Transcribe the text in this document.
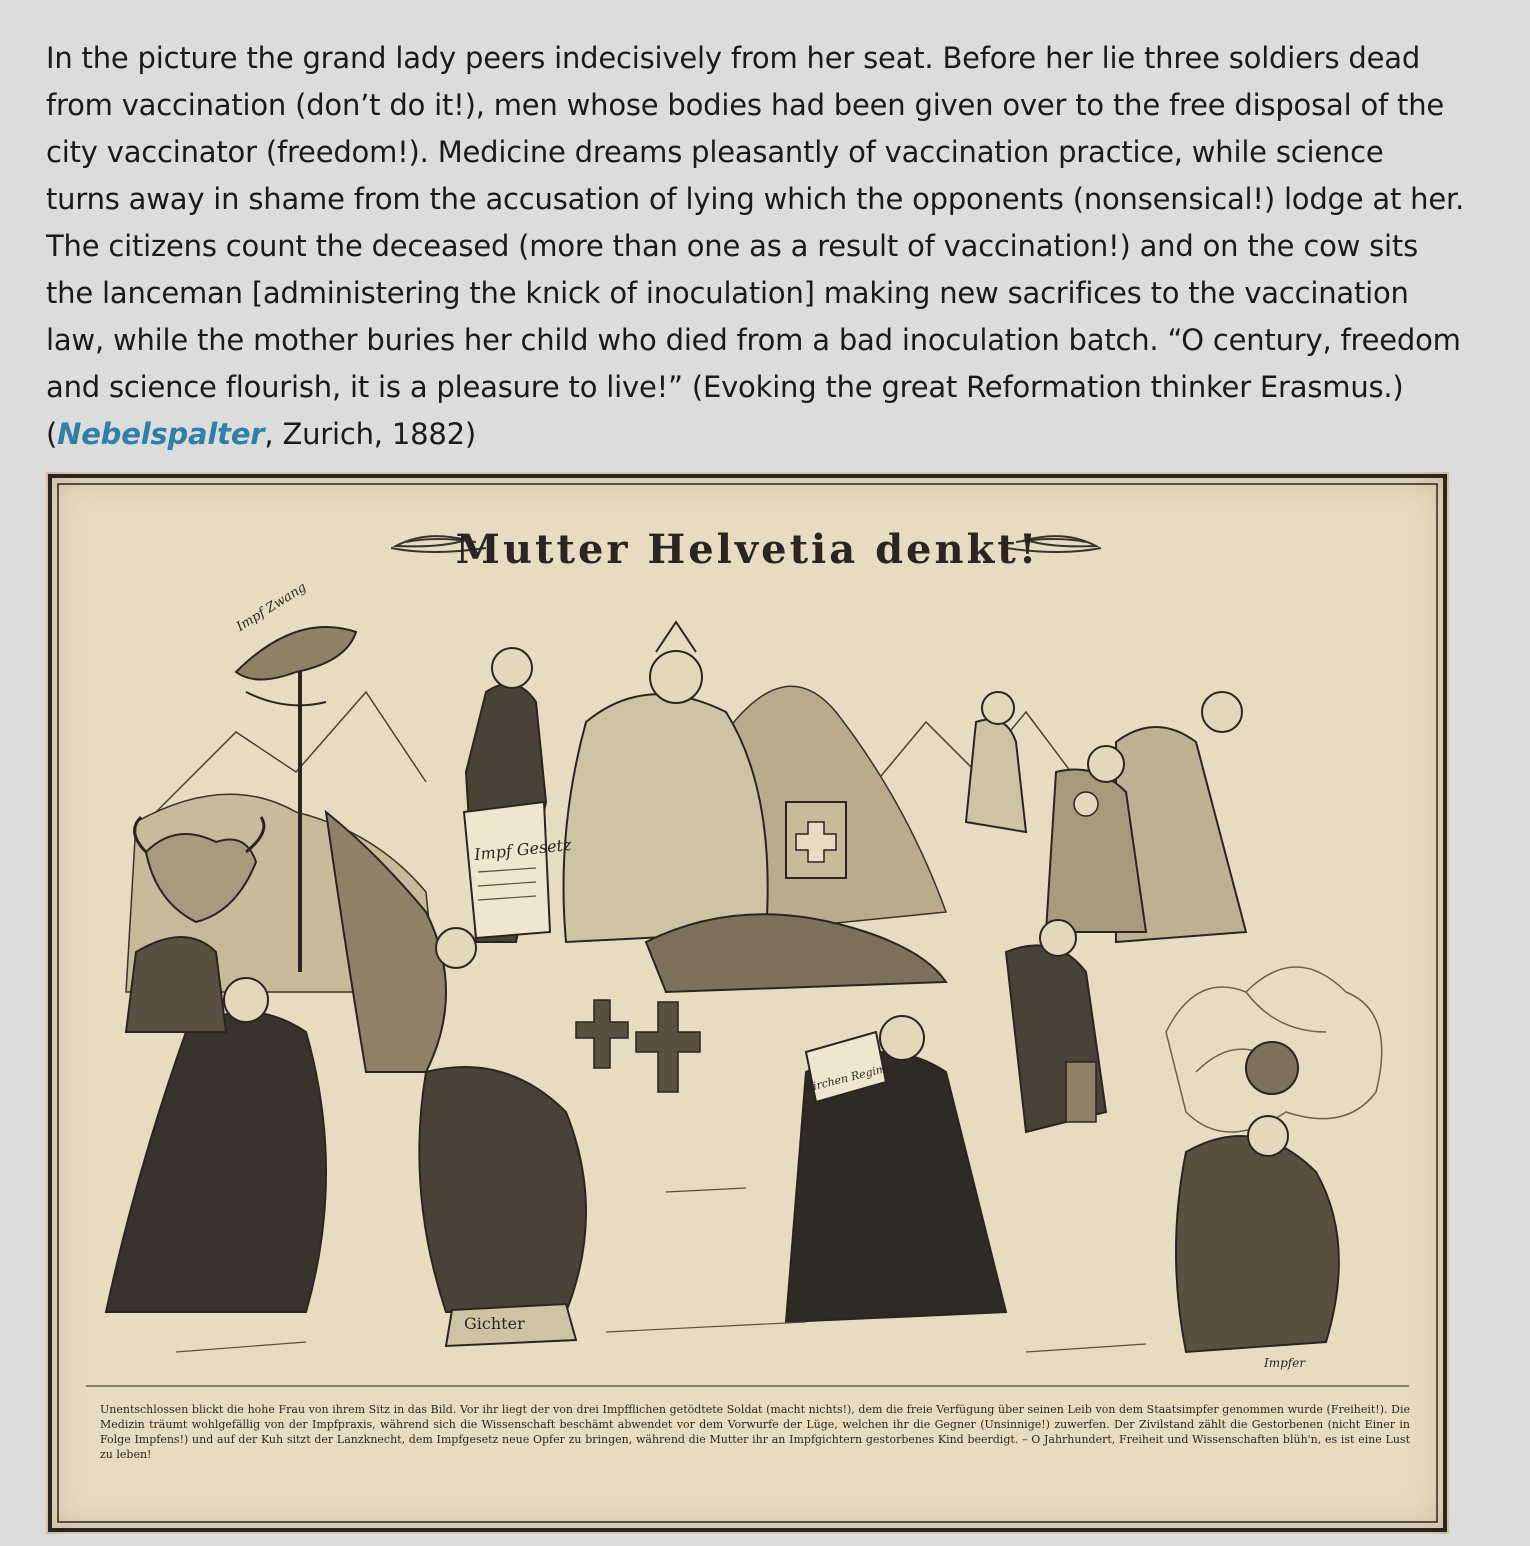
In the picture the grand lady peers indecisively from her seat. Before her lie three soldiers dead from vaccination (don’t do it!), men whose bodies had been given over to the free disposal of the city vaccinator (freedom!). Medicine dreams pleasantly of vaccination practice, while science turns away in shame from the accusation of lying which the opponents (nonsensical!) lodge at her. The citizens count the deceased (more than one as a result of vaccination!) and on the cow sits the lanceman [administering the knick of inoculation] making new sacrifices to the vaccination law, while the mother buries her child who died from a bad inoculation batch. “O century, freedom and science flourish, it is a pleasure to live!” (Evoking the great Reformation thinker Erasmus.)
(Nebelspalter, Zurich, 1882)

Mutter Helvetia denkt!
Impf Zwang
Impf Gesetz
Kirchen Regim
Gichter
Impfer
Unentschlossen blickt die hohe Frau von ihrem Sitz in das Bild. Vor ihr liegt der von drei Impfflichen getödtete Soldat (macht nichts!), dem die freie Verfügung über seinen Leib von dem Staatsimpfer genommen wurde (Freiheit!). Die Medizin träumt wohlgefällig von der Impfpraxis, während sich die Wissenschaft beschämt abwendet vor dem Vorwurfe der Lüge, welchen ihr die Gegner (Unsinnige!) zuwerfen. Der Zivilstand zählt die Gestorbenen (nicht Einer in Folge Impfens!) und auf der Kuh sitzt der Lanzknecht, dem Impfgesetz neue Opfer zu bringen, während die Mutter ihr an Impfgichtern gestorbenes Kind beerdigt. – O Jahrhundert, Freiheit und Wissenschaften blüh'n, es ist eine Lust zu leben!
